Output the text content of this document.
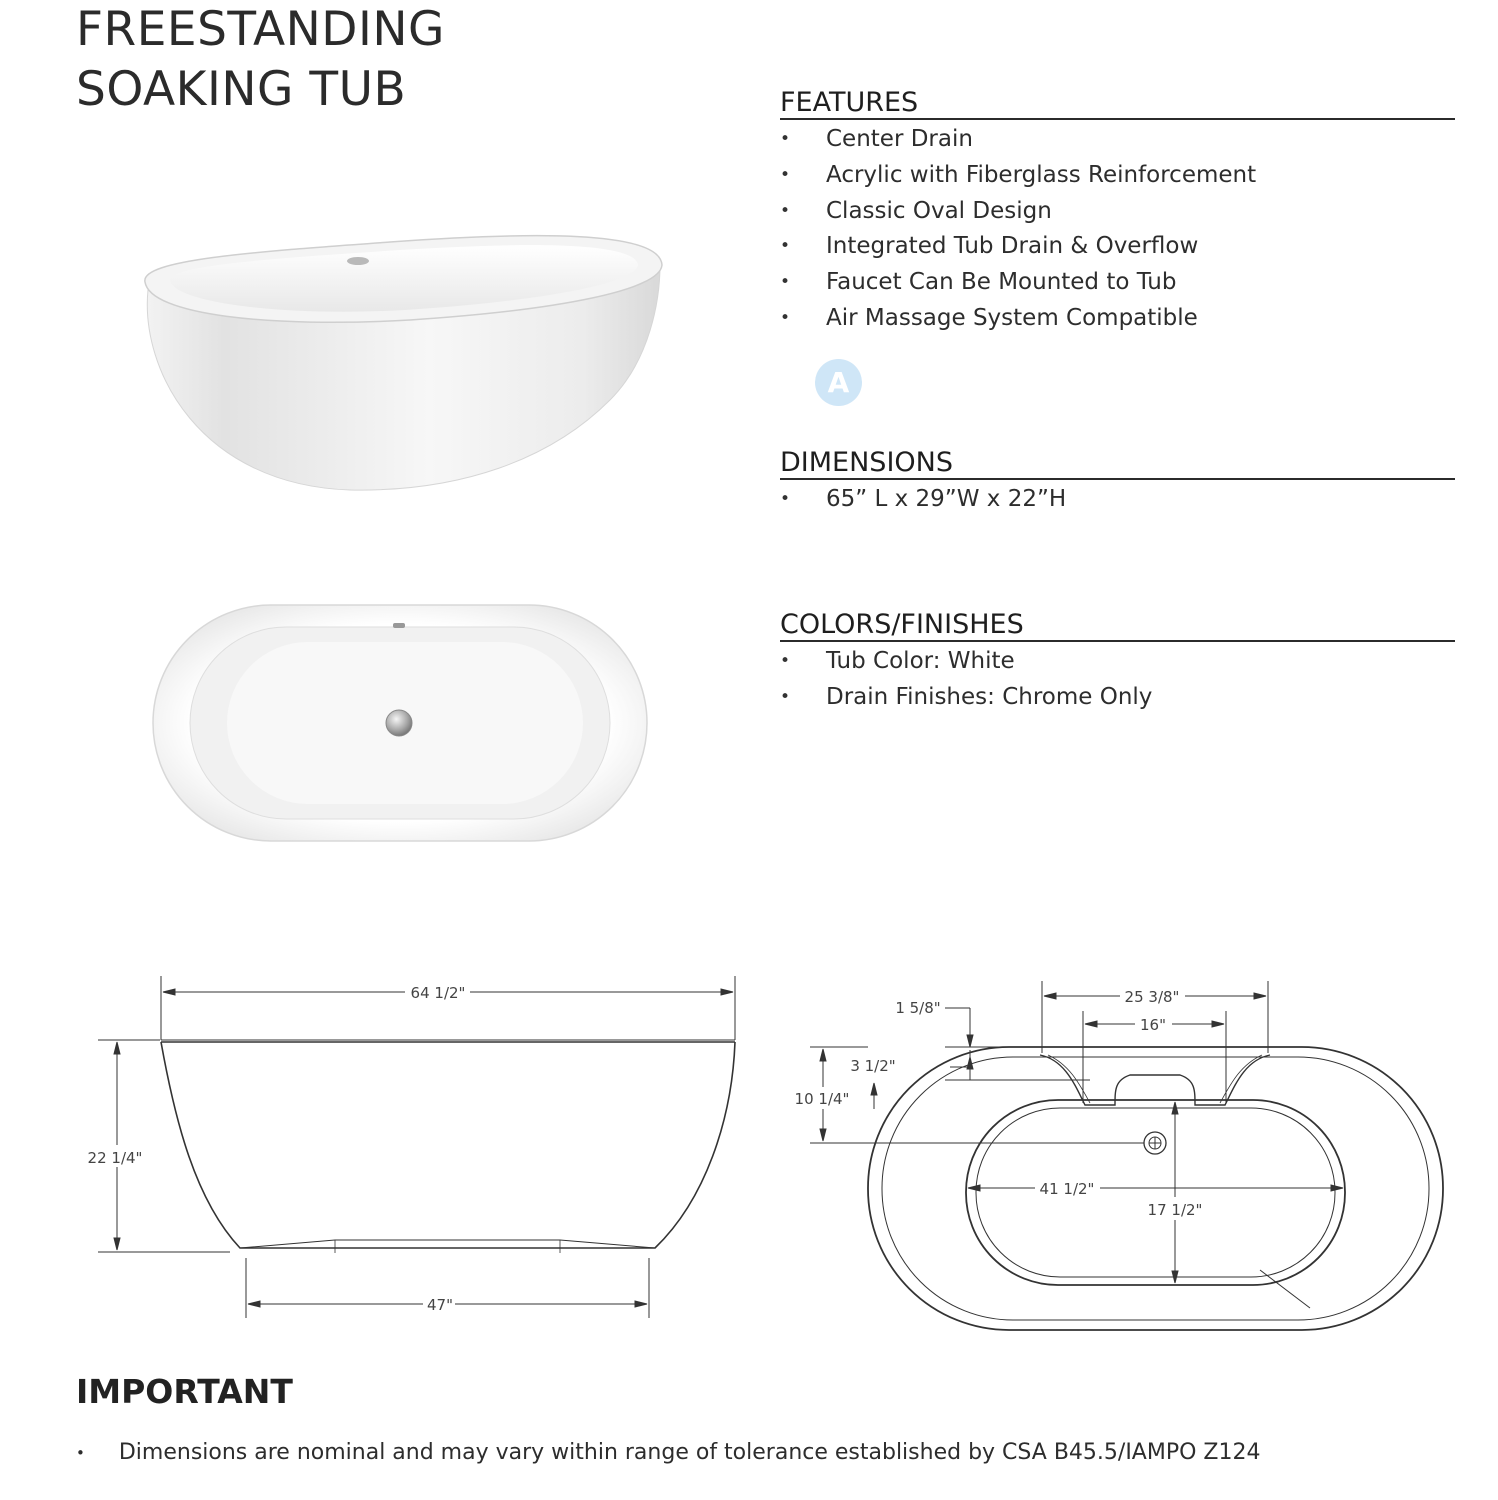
FREESTANDING
SOAKING TUB	FEATURES
• Center Drain
• Acrylic with Fiberglass Reinforcement
• Classic Oval Design
• Integrated Tub Drain & Overflow
• Faucet Can Be Mounted to Tub
• Air Massage System Compatible
A
DIMENSIONS
• 65” L x 29”W x 22”H
COLORS/FINISHES
• Tub Color: White
• Drain Finishes: Chrome Only
64 1/2"
22 1/4"
47"
1 5/8"
25 3/8"
16"
3 1/2"
10 1/4"
41 1/2"
17 1/2"
IMPORTANT
• Dimensions are nominal and may vary within range of tolerance established by CSA B45.5/IAMPO Z124
